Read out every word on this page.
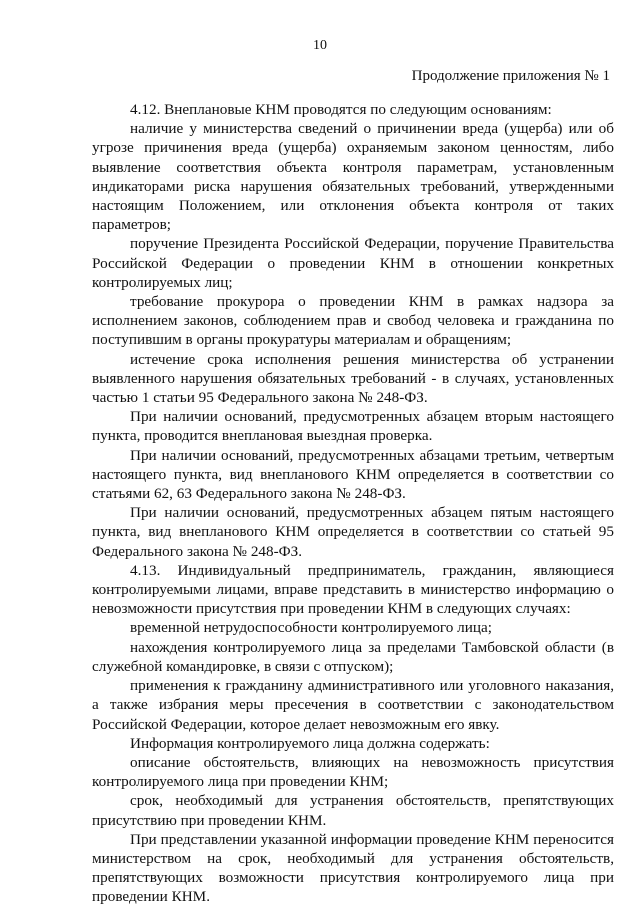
10
Продолжение приложения № 1

4.12. Внеплановые КНМ проводятся по следующим основаниям:

наличие у министерства сведений о причинении вреда (ущерба) или об угрозе причинения вреда (ущерба) охраняемым законом ценностям, либо выявление соответствия объекта контроля параметрам, установленным индикаторами риска нарушения обязательных требований, утвержденными настоящим Положением, или отклонения объекта контроля от таких параметров;

поручение Президента Российской Федерации, поручение Правительства Российской Федерации о проведении КНМ в отношении конкретных контролируемых лиц;

требование прокурора о проведении КНМ в рамках надзора за исполнением законов, соблюдением прав и свобод человека и гражданина по поступившим в органы прокуратуры материалам и обращениям;

истечение срока исполнения решения министерства об устранении выявленного нарушения обязательных требований - в случаях, установленных частью 1 статьи 95 Федерального закона № 248-ФЗ.

При наличии оснований, предусмотренных абзацем вторым настоящего пункта, проводится внеплановая выездная проверка.

При наличии оснований, предусмотренных абзацами третьим, четвертым настоящего пункта, вид внепланового КНМ определяется в соответствии со статьями 62, 63 Федерального закона № 248-ФЗ.

При наличии оснований, предусмотренных абзацем пятым настоящего пункта, вид внепланового КНМ определяется в соответствии со статьей 95 Федерального закона № 248-ФЗ.

4.13. Индивидуальный предприниматель, гражданин, являющиеся контролируемыми лицами, вправе представить в министерство информацию о невозможности присутствия при проведении КНМ в следующих случаях:

временной нетрудоспособности контролируемого лица;

нахождения контролируемого лица за пределами Тамбовской области (в служебной командировке, в связи с отпуском);

применения к гражданину административного или уголовного наказания, а также избрания меры пресечения в соответствии с законодательством Российской Федерации, которое делает невозможным его явку.

Информация контролируемого лица должна содержать:

описание обстоятельств, влияющих на невозможность присутствия контролируемого лица при проведении КНМ;

срок, необходимый для устранения обстоятельств, препятствующих присутствию при проведении КНМ.

При представлении указанной информации проведение КНМ переносится министерством на срок, необходимый для устранения обстоятельств, препятствующих возможности присутствия контролируемого лица при проведении КНМ.
